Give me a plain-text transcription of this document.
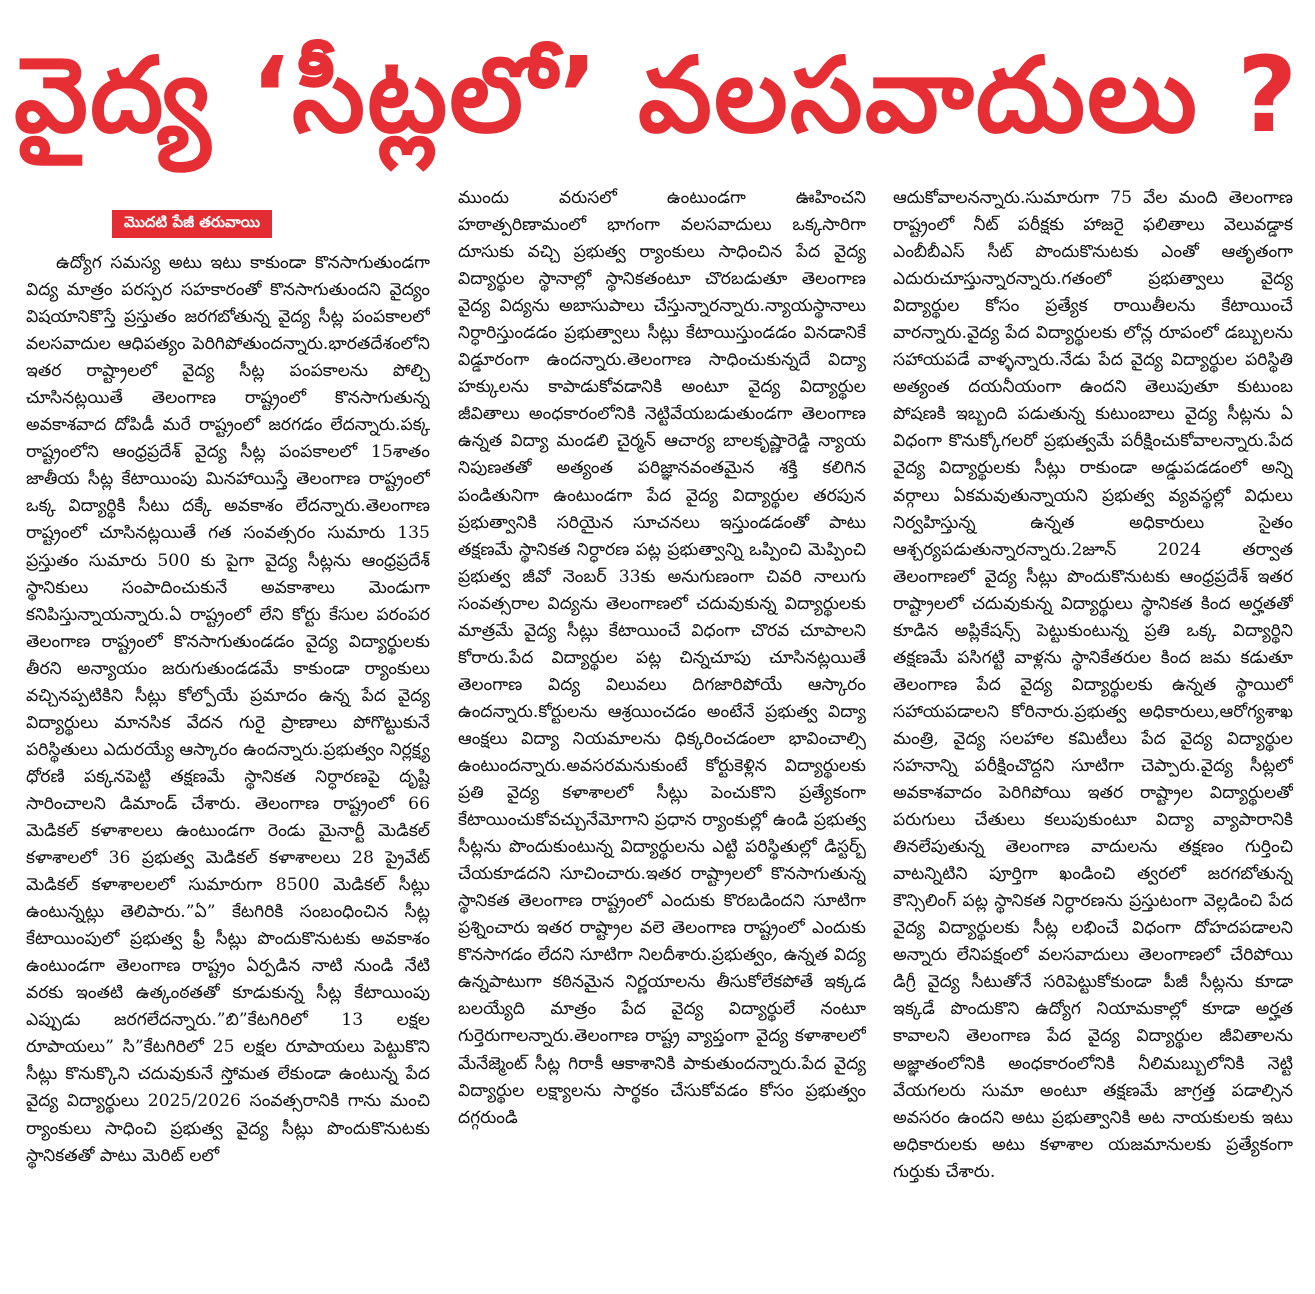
వైద్య ‘సీట్లలో’ వలసవాదులు ?
మొదటి పేజీ తరువాయి

ఉద్యోగ సమస్య అటు ఇటు కాకుండా కొనసాగుతుండగా విద్య మాత్రం పరస్పర సహకారంతో కొనసాగుతుందని వైద్యం విషయానికొస్తే ప్రస్తుతం జరగబోతున్న వైద్య సీట్ల పంపకాలలో వలసవాదుల ఆధిపత్యం పెరిగిపోతుందన్నారు.భారతదేశంలోని ఇతర రాష్ట్రాలలో వైద్య సీట్ల పంపకాలను పోల్చి చూసినట్లయితే తెలంగాణ రాష్ట్రంలో కొనసాగుతున్న అవకాశవాద దోపిడీ మరే రాష్ట్రంలో జరగడం లేదన్నారు.పక్క రాష్ట్రంలోని ఆంధ్రప్రదేశ్ వైద్య సీట్ల పంపకాలలో 15శాతం జాతీయ సీట్ల కేటాయింపు మినహాయిస్తే తెలంగాణ రాష్ట్రంలో ఒక్క విద్యార్థికి సీటు దక్కే అవకాశం లేదన్నారు.తెలంగాణ రాష్ట్రంలో చూసినట్లయితే గత సంవత్సరం సుమారు 135 ప్రస్తుతం సుమారు 500 కు పైగా వైద్య సీట్లను ఆంధ్రప్రదేశ్ స్థానికులు సంపాదించుకునే అవకాశాలు మెండుగా కనిపిస్తున్నాయన్నారు.ఏ రాష్ట్రంలో లేని కోర్టు కేసుల పరంపర తెలంగాణ రాష్ట్రంలో కొనసాగుతుండడం వైద్య విద్యార్థులకు తీరని అన్యాయం జరుగుతుండడమే కాకుండా ర్యాంకులు వచ్చినప్పటికిని సీట్లు కోల్పోయే ప్రమాదం ఉన్న పేద వైద్య విద్యార్థులు మానసిక వేదన గురై ప్రాణాలు పోగొట్టుకునే పరిస్థితులు ఎదురయ్యే ఆస్కారం ఉందన్నారు.ప్రభుత్వం నిర్లక్ష్య ధోరణి పక్కనపెట్టి తక్షణమే స్థానికత నిర్ధారణపై దృష్టి సారించాలని డిమాండ్ చేశారు. తెలంగాణ రాష్ట్రంలో 66 మెడికల్ కళాశాలలు ఉంటుండగా రెండు మైనార్టీ మెడికల్ కళాశాలలో 36 ప్రభుత్వ మెడికల్ కళాశాలలు 28 ప్రైవేట్ మెడికల్ కళాశాలలలో సుమారుగా 8500 మెడికల్ సీట్లు ఉంటున్నట్లు తెలిపారు.”ఏ” కేటగిరికి సంబంధించిన సీట్ల కేటాయింపులో ప్రభుత్వ ఫ్రీ సీట్లు పొందుకొనుటకు అవకాశం ఉంటుండగా తెలంగాణ రాష్ట్రం ఏర్పడిన నాటి నుండి నేటి వరకు ఇంతటి ఉత్కంఠతతో కూడుకున్న సీట్ల కేటాయింపు ఎప్పుడు జరగలేదన్నారు.”బి”కేటగిరిలో 13 లక్షల రూపాయలు” సి”కేటగిరిలో 25 లక్షల రూపాయలు పెట్టుకొని సీట్లు కొనుక్కొని చదువుకునే స్తోమత లేకుండా ఉంటున్న పేద వైద్య విద్యార్థులు 2025/2026 సంవత్సరానికి గాను మంచి ర్యాంకులు సాధించి ప్రభుత్వ వైద్య సీట్లు పొందుకొనుటకు స్థానికతతో పాటు మెరిట్ లలో

ముందు వరుసలో ఉంటుండగా ఊహించని హఠాత్పరిణామంలో భాగంగా వలసవాదులు ఒక్కసారిగా దూసుకు వచ్చి ప్రభుత్వ ర్యాంకులు సాధించిన పేద వైద్య విద్యార్థుల స్థానాల్లో స్థానికతంటూ చొరబడుతూ తెలంగాణ వైద్య విద్యను అబాసుపాలు చేస్తున్నారన్నారు.న్యాయస్థానాలు నిర్ధారిస్తుండడం ప్రభుత్వాలు సీట్లు కేటాయిస్తుండడం వినడానికే విడ్డూరంగా ఉందన్నారు.తెలంగాణ సాధించుకున్నదే విద్యా హక్కులను కాపాడుకోవడానికి అంటూ వైద్య విద్యార్థుల జీవితాలు అంధకారంలోనికి నెట్టివేయబడుతుండగా తెలంగాణ ఉన్నత విద్యా మండలి చైర్మన్ ఆచార్య బాలకృష్ణారెడ్డి న్యాయ నిపుణతతో అత్యంత పరిజ్ఞానవంతమైన శక్తి కలిగిన పండితునిగా ఉంటుండగా పేద వైద్య విద్యార్థుల తరపున ప్రభుత్వానికి సరియైన సూచనలు ఇస్తుండడంతో పాటు తక్షణమే స్థానికత నిర్ధారణ పట్ల ప్రభుత్వాన్ని ఒప్పించి మెప్పించి ప్రభుత్వ జీవో నెంబర్ 33కు అనుగుణంగా చివరి నాలుగు సంవత్సరాల విద్యను తెలంగాణలో చదువుకున్న విద్యార్థులకు మాత్రమే వైద్య సీట్లు కేటాయించే విధంగా చొరవ చూపాలని కోరారు.పేద విద్యార్థుల పట్ల చిన్నచూపు చూసినట్లయితే తెలంగాణ విద్య విలువలు దిగజారిపోయే ఆస్కారం ఉందన్నారు.కోర్టులను ఆశ్రయించడం అంటేనే ప్రభుత్వ విద్యా ఆంక్షలు విద్యా నియమాలను ధిక్కరించడంలా భావించాల్సి ఉంటుందన్నారు.అవసరమనుకుంటే కోర్టుకెళ్లిన విద్యార్థులకు ప్రతి వైద్య కళాశాలలో సీట్లు పెంచుకొని ప్రత్యేకంగా కేటాయించుకోవచ్చునేమోగాని ప్రధాన ర్యాంకుల్లో ఉండి ప్రభుత్వ సీట్లను పొందుకుంటున్న విద్యార్థులను ఎట్టి పరిస్థితుల్లో డిస్టర్బ్ చేయకూడదని సూచించారు.ఇతర రాష్ట్రాలలో కొనసాగుతున్న స్థానికత తెలంగాణ రాష్ట్రంలో ఎందుకు కొరబడిందని సూటిగా ప్రశ్నించారు ఇతర రాష్ట్రాల వలె తెలంగాణ రాష్ట్రంలో ఎందుకు కొనసాగడం లేదని సూటిగా నిలదీశారు.ప్రభుత్వం, ఉన్నత విద్య ఉన్నపాటుగా కఠినమైన నిర్ణయాలను తీసుకోలేకపోతే ఇక్కడ బలయ్యేది మాత్రం పేద వైద్య విద్యార్థులే నంటూ గుర్తెరుగాలన్నారు.తెలంగాణ రాష్ట్ర వ్యాప్తంగా వైద్య కళాశాలలో మేనేజ్మెంట్ సీట్ల గిరాకీ ఆకాశానికి పాకుతుందన్నారు.పేద వైద్య విద్యార్థుల లక్ష్యాలను సార్థకం చేసుకోవడం కోసం ప్రభుత్వం దగ్గరుండి

ఆదుకోవాలనన్నారు.సుమారుగా 75 వేల మంది తెలంగాణ రాష్ట్రంలో నీట్ పరీక్షకు హాజరై ఫలితాలు వెలువడ్డాక ఎంబీబీఎస్ సీట్ పొందుకొనుటకు ఎంతో ఆతృతంగా ఎదురుచూస్తున్నారన్నారు.గతంలో ప్రభుత్వాలు వైద్య విద్యార్థుల కోసం ప్రత్యేక రాయితీలను కేటాయించే వారన్నారు.వైద్య పేద విద్యార్థులకు లోన్ల రూపంలో డబ్బులను సహాయపడే వాళ్ళన్నారు.నేడు పేద వైద్య విద్యార్థుల పరిస్థితి అత్యంత దయనీయంగా ఉందని తెలుపుతూ కుటుంబ పోషణకి ఇబ్బంది పడుతున్న కుటుంబాలు వైద్య సీట్లను ఏ విధంగా కొనుక్కోగలరో ప్రభుత్వమే పరీక్షించుకోవాలన్నారు.పేద వైద్య విద్యార్థులకు సీట్లు రాకుండా అడ్డుపడడంలో అన్ని వర్గాలు ఏకమవుతున్నాయని ప్రభుత్వ వ్యవస్థల్లో విధులు నిర్వహిస్తున్న ఉన్నత అధికారులు సైతం ఆశ్చర్యపడుతున్నారన్నారు.2జూన్ 2024 తర్వాత తెలంగాణలో వైద్య సీట్లు పొందుకొనుటకు ఆంధ్రప్రదేశ్ ఇతర రాష్ట్రాలలో చదువుకున్న విద్యార్థులు స్థానికత కింద అర్హతతో కూడిన అప్లికేషన్స్ పెట్టుకుంటున్న ప్రతి ఒక్క విద్యార్థిని తక్షణమే పసిగట్టి వాళ్లను స్థానికేతరుల కింద జమ కడుతూ తెలంగాణ పేద వైద్య విద్యార్థులకు ఉన్నత స్థాయిలో సహాయపడాలని కోరినారు.ప్రభుత్వ అధికారులు,ఆరోగ్యశాఖ మంత్రి, వైద్య సలహాల కమిటీలు పేద వైద్య విద్యార్థుల సహనాన్ని పరీక్షించొద్దని సూటిగా చెప్పారు.వైద్య సీట్లలో అవకాశవాదం పెరిగిపోయి ఇతర రాష్ట్రాల విద్యార్థులతో పరుగులు చేతులు కలుపుకుంటూ విద్యా వ్యాపారానికి తినలేపుతున్న తెలంగాణ వాదులను తక్షణం గుర్తించి వాటన్నిటిని పూర్తిగా ఖండించి త్వరలో జరగబోతున్న కౌన్సిలింగ్ పట్ల స్థానికత నిర్ధారణను ప్రస్తుటంగా వెల్లడించి పేద వైద్య విద్యార్థులకు సీట్ల లభించే విధంగా దోహదపడాలని అన్నారు లేనిపక్షంలో వలసవాదులు తెలంగాణలో చేరిపోయి డిగ్రీ వైద్య సీటుతోనే సరిపెట్టుకోకుండా పీజీ సీట్లను కూడా ఇక్కడే పొందుకొని ఉద్యోగ నియామకాల్లో కూడా అర్హత కావాలని తెలంగాణ పేద వైద్య విద్యార్థుల జీవితాలను అజ్ఞాతంలోనికి అంధకారంలోనికి నీలిమబ్బులోనికి నెట్టి వేయగలరు సుమా అంటూ తక్షణమే జాగ్రత్త పడాల్సిన అవసరం ఉందని అటు ప్రభుత్వానికి అట నాయకులకు ఇటు అధికారులకు అటు కళాశాల యజమానులకు ప్రత్యేకంగా గుర్తుకు చేశారు.
